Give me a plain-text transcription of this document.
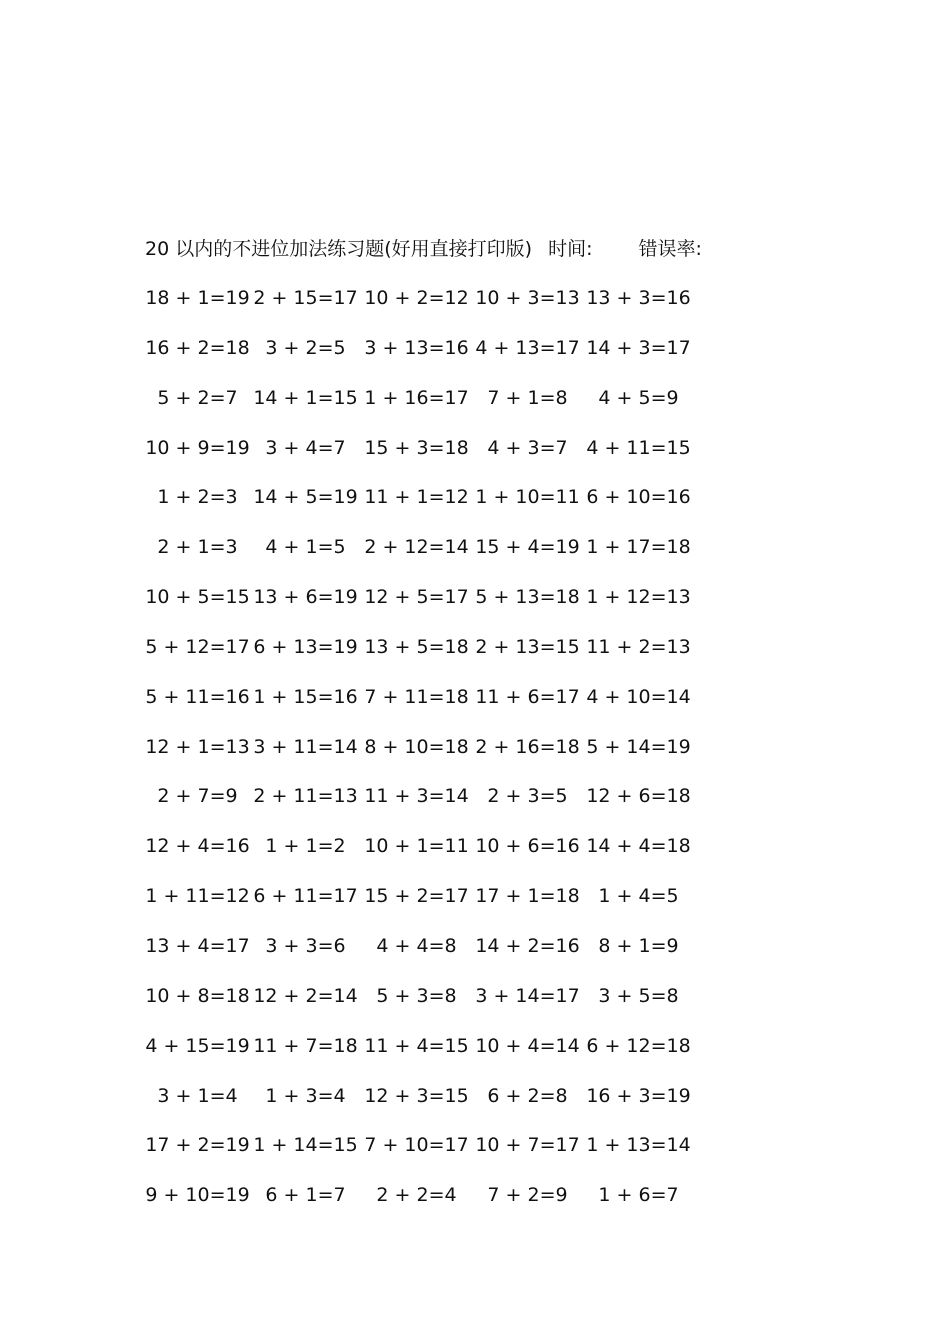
20 以内的不进位加法练习题(好用直接打印版) 时间: 错误率:
18 + 1=19 2 + 15=17 10 + 2=12 10 + 3=13 13 + 3=16
16 + 2=18 3 + 2=5 3 + 13=16 4 + 13=17 14 + 3=17
5 + 2=7 14 + 1=15 1 + 16=17 7 + 1=8	4 + 5=9
10 + 9=19 3 + 4=7 15 + 3=18 4 + 3=7 4 + 11=15
1 + 2=3 14 + 5=19 11 + 1=12 1 + 10=11 6 + 10=16
2 + 1=3	4 + 1=5 2 + 12=14 15 + 4=19 1 + 17=18
10 + 5=15 13 + 6=19 12 + 5=17 5 + 13=18 1 + 12=13
5 + 12=17 6 + 13=19 13 + 5=18 2 + 13=15 11 + 2=13
5 + 11=16 1 + 15=16 7 + 11=18 11 + 6=17 4 + 10=14
12 + 1=13 3 + 11=14 8 + 10=18 2 + 16=18 5 + 14=19
2 + 7=9 2 + 11=13 11 + 3=14 2 + 3=5 12 + 6=18
12 + 4=16 1 + 1=2 10 + 1=11 10 + 6=16 14 + 4=18
1 + 11=12 6 + 11=17 15 + 2=17 17 + 1=18 1 + 4=5
13 + 4=17 3 + 3=6	4 + 4=8 14 + 2=16 8 + 1=9
10 + 8=18 12 + 2=14 5 + 3=8 3 + 14=17 3 + 5=8
4 + 15=19 11 + 7=18 11 + 4=15 10 + 4=14 6 + 12=18
3 + 1=4	1 + 3=4 12 + 3=15 6 + 2=8 16 + 3=19
17 + 2=19 1 + 14=15 7 + 10=17 10 + 7=17 1 + 13=14
9 + 10=19 6 + 1=7	2 + 2=4	7 + 2=9	1 + 6=7
